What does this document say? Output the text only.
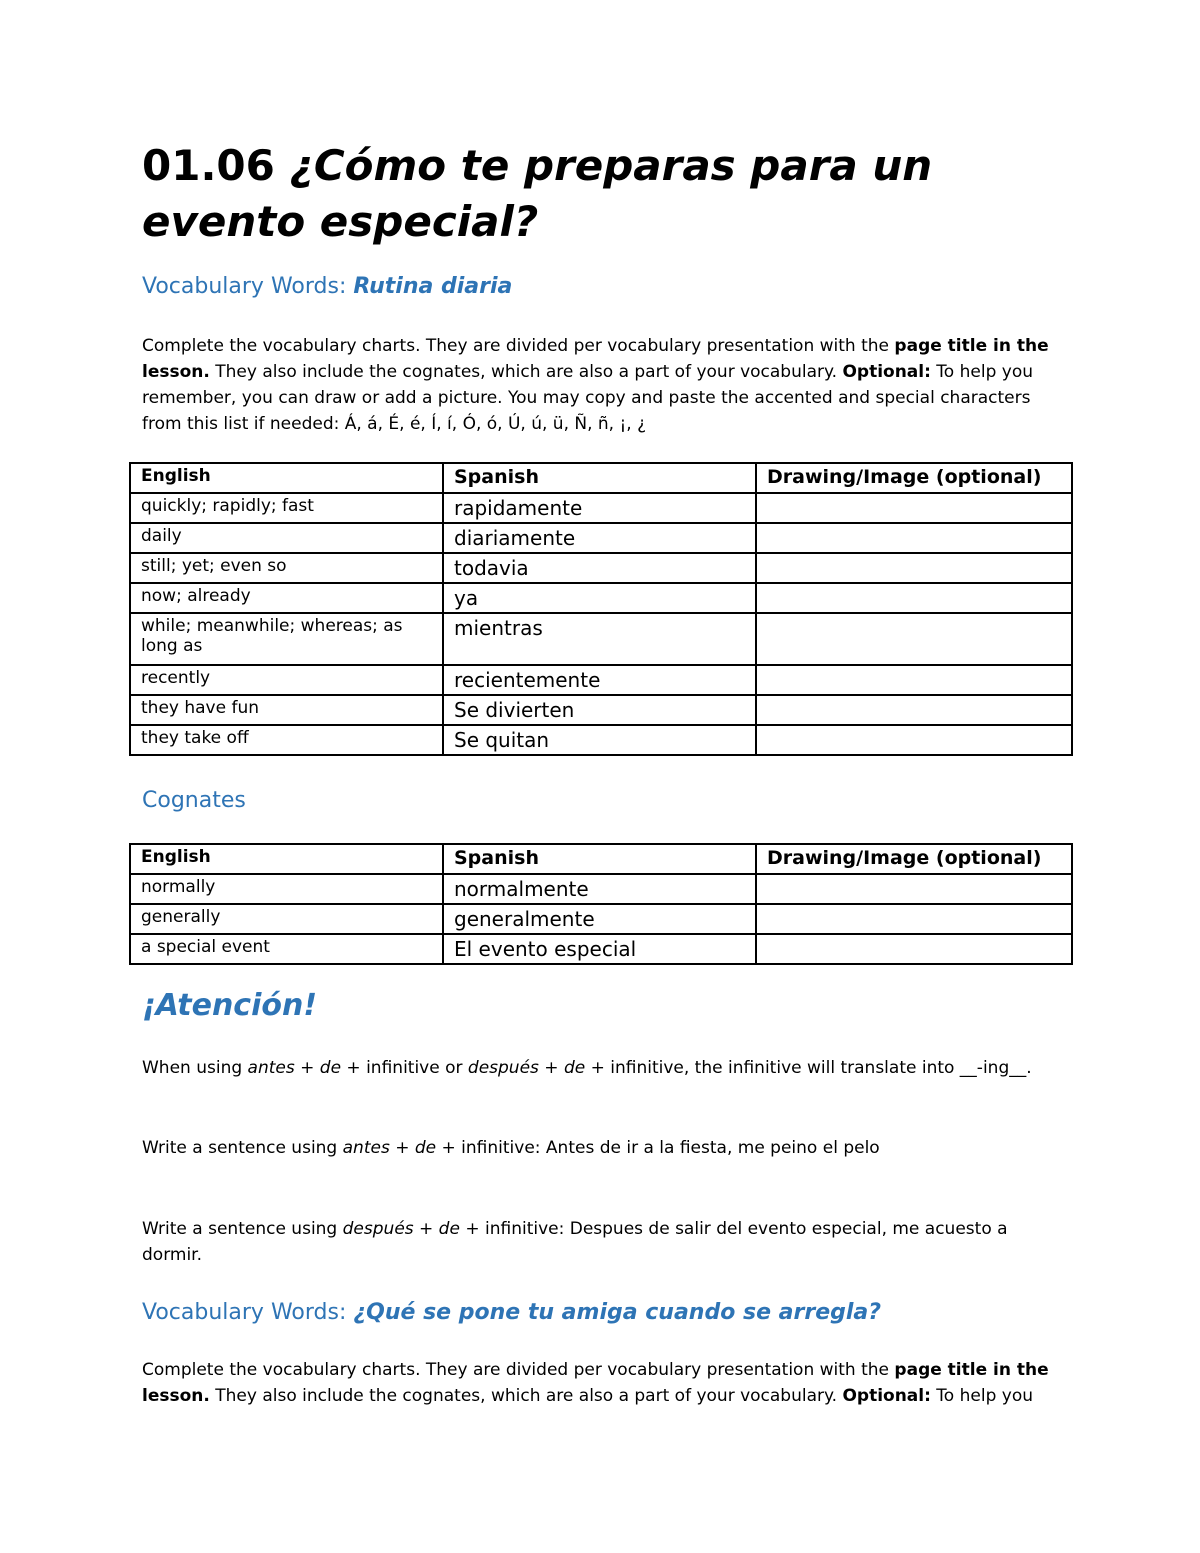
01.06 ¿Cómo te preparas para un evento especial?
Vocabulary Words: Rutina diaria

Complete the vocabulary charts. They are divided per vocabulary presentation with the page title in the lesson. They also include the cognates, which are also a part of your vocabulary. Optional: To help you remember, you can draw or add a picture. You may copy and paste the accented and special characters from this list if needed: Á, á, É, é, Í, í, Ó, ó, Ú, ú, ü, Ñ, ñ, ¡, ¿

English	Spanish	Drawing/Image (optional)
quickly; rapidly; fast	rapidamente	
daily	diariamente	
still; yet; even so	todavia	
now; already	ya	
while; meanwhile; whereas; as long as	mientras	
recently	recientemente	
they have fun	Se divierten	
they take off	Se quitan	
Cognates
English	Spanish	Drawing/Image (optional)
normally	normalmente	
generally	generalmente	
a special event	El evento especial	
¡Atención!

When using antes + de + infinitive or después + de + infinitive, the infinitive will translate into __-ing__.

Write a sentence using antes + de + infinitive: Antes de ir a la fiesta, me peino el pelo

Write a sentence using después + de + infinitive: Despues de salir del evento especial, me acuesto a dormir.

Vocabulary Words: ¿Qué se pone tu amiga cuando se arregla?

Complete the vocabulary charts. They are divided per vocabulary presentation with the page title in the lesson. They also include the cognates, which are also a part of your vocabulary. Optional: To help you
